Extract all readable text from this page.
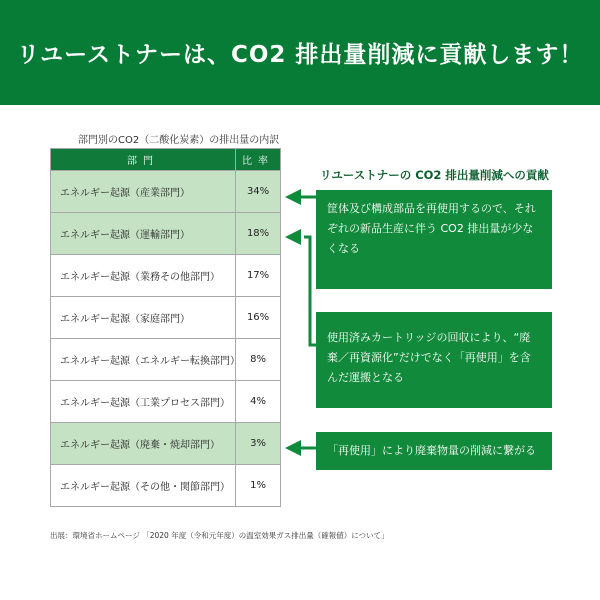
リユーストナーは、CO2 排出量削減に貢献します！
部門別のCO2（二酸化炭素）の排出量の内訳
部門	比率
エネルギー起源（産業部門）	34%
エネルギー起源（運輸部門）	18%
エネルギー起源（業務その他部門）	17%
エネルギー起源（家庭部門）	16%
エネルギー起源（エネルギー転換部門）	8%
エネルギー起源（工業プロセス部門）	4%
エネルギー起源（廃棄・焼却部門）	3%
エネルギー起源（その他・関節部門）	1%
リユーストナーの CO2 排出量削減への貢献
筐体及び構成部品を再使用するので、それぞれの新品生産に伴う CO2 排出量が少なくなる
使用済みカートリッジの回収により、“廃棄／再資源化”だけでなく「再使用」を含んだ運搬となる
「再使用」により廃棄物量の削減に繋がる
出展：環境省ホームページ 「2020 年度（令和元年度）の温室効果ガス排出量（確報値）について」
